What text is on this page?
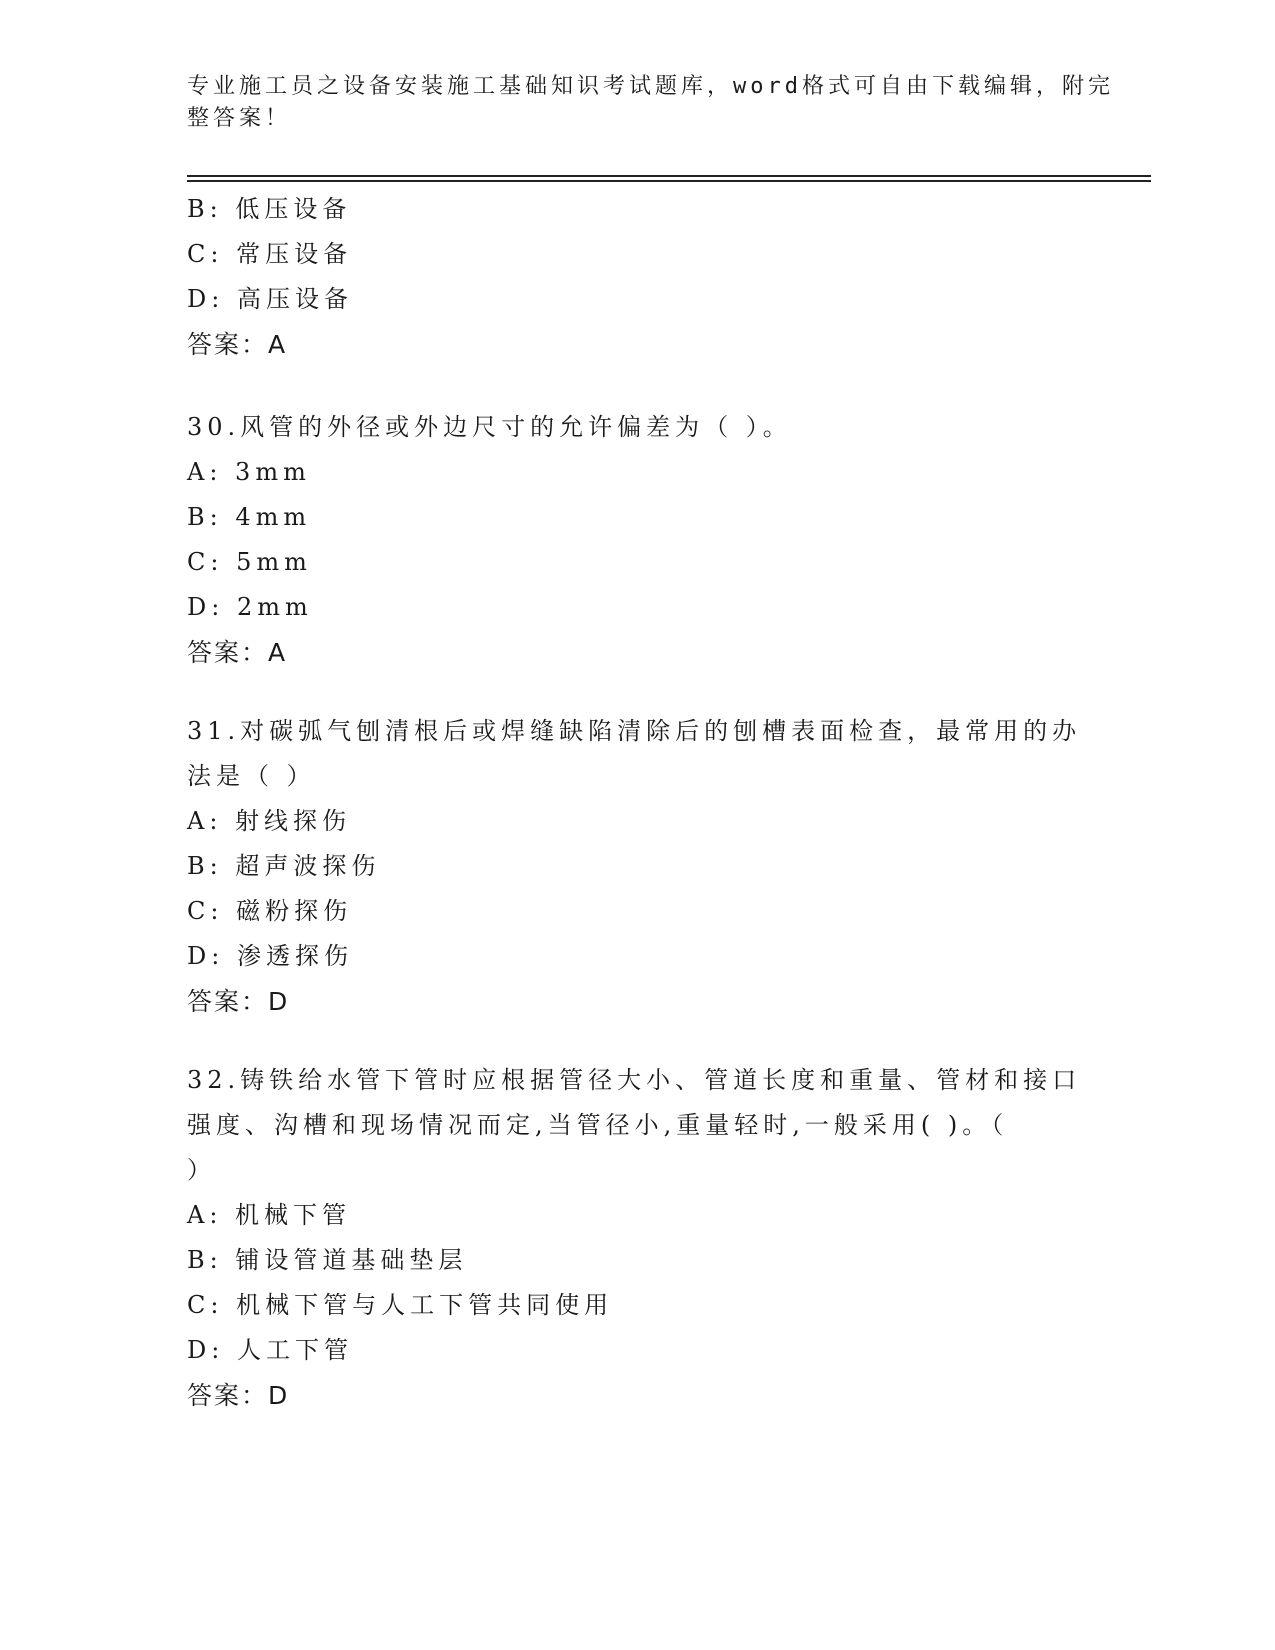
专业施工员之设备安装施工基础知识考试题库，word格式可自由下载编辑，附完
整答案！
B: 低压设备
C: 常压设备
D: 高压设备
答案：A
30.风管的外径或外边尺寸的允许偏差为（ ）。
A: 3mm
B: 4mm
C: 5mm
D: 2mm
答案：A
31.对碳弧气刨清根后或焊缝缺陷清除后的刨槽表面检查，最常用的办
法是（ ）
A: 射线探伤
B: 超声波探伤
C: 磁粉探伤
D: 渗透探伤
答案：D
32.铸铁给水管下管时应根据管径大小、管道长度和重量、管材和接口
强度、沟槽和现场情况而定,当管径小,重量轻时,一般采用( )。（
）
A: 机械下管
B: 铺设管道基础垫层
C: 机械下管与人工下管共同使用
D: 人工下管
答案：D
